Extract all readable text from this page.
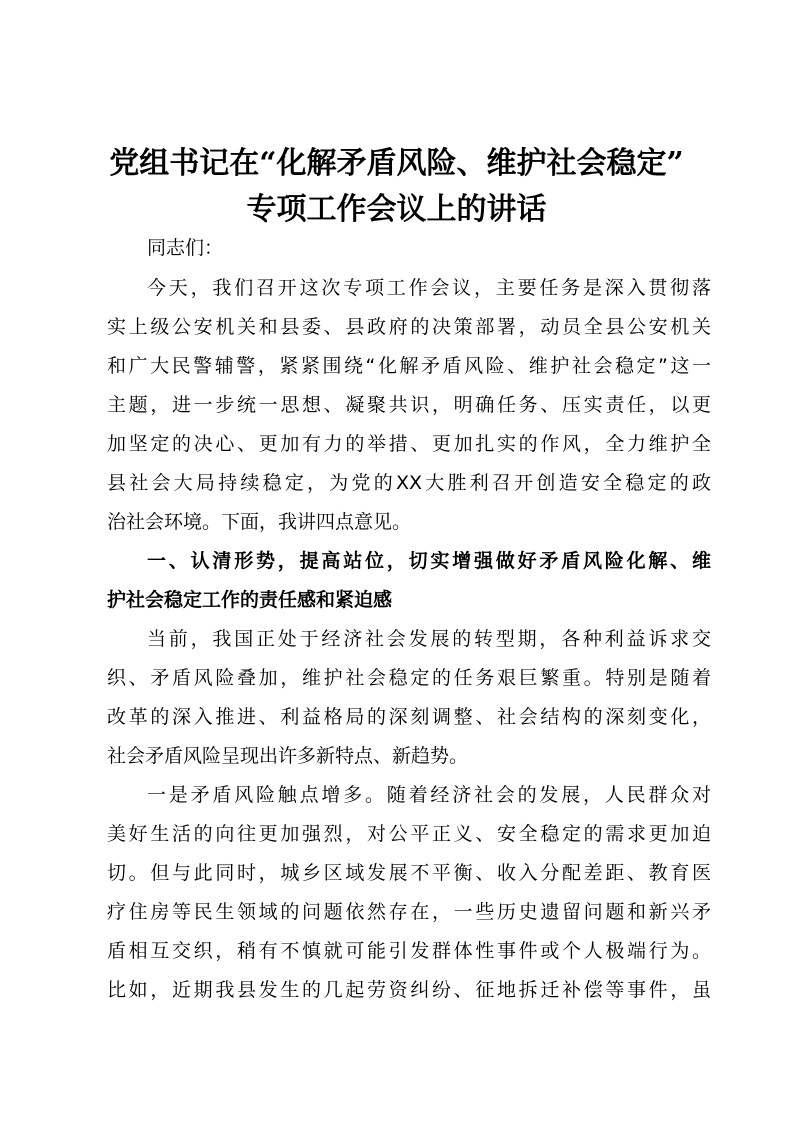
党组书记在“化解矛盾风险、维护社会稳定”
专项工作会议上的讲话
同志们：
今天，我们召开这次专项工作会议，主要任务是深入贯彻落
实上级公安机关和县委、县政府的决策部署，动员全县公安机关
和广大民警辅警，紧紧围绕“化解矛盾风险、维护社会稳定”这一
主题，进一步统一思想、凝聚共识，明确任务、压实责任，以更
加坚定的决心、更加有力的举措、更加扎实的作风，全力维护全
县社会大局持续稳定，为党的XX大胜利召开创造安全稳定的政
治社会环境。下面，我讲四点意见。
一、认清形势，提高站位，切实增强做好矛盾风险化解、维
护社会稳定工作的责任感和紧迫感
当前，我国正处于经济社会发展的转型期，各种利益诉求交
织、矛盾风险叠加，维护社会稳定的任务艰巨繁重。特别是随着
改革的深入推进、利益格局的深刻调整、社会结构的深刻变化，
社会矛盾风险呈现出许多新特点、新趋势。
一是矛盾风险触点增多。随着经济社会的发展，人民群众对
美好生活的向往更加强烈，对公平正义、安全稳定的需求更加迫
切。但与此同时，城乡区域发展不平衡、收入分配差距、教育医
疗住房等民生领域的问题依然存在，一些历史遗留问题和新兴矛
盾相互交织，稍有不慎就可能引发群体性事件或个人极端行为。
比如，近期我县发生的几起劳资纠纷、征地拆迁补偿等事件，虽
